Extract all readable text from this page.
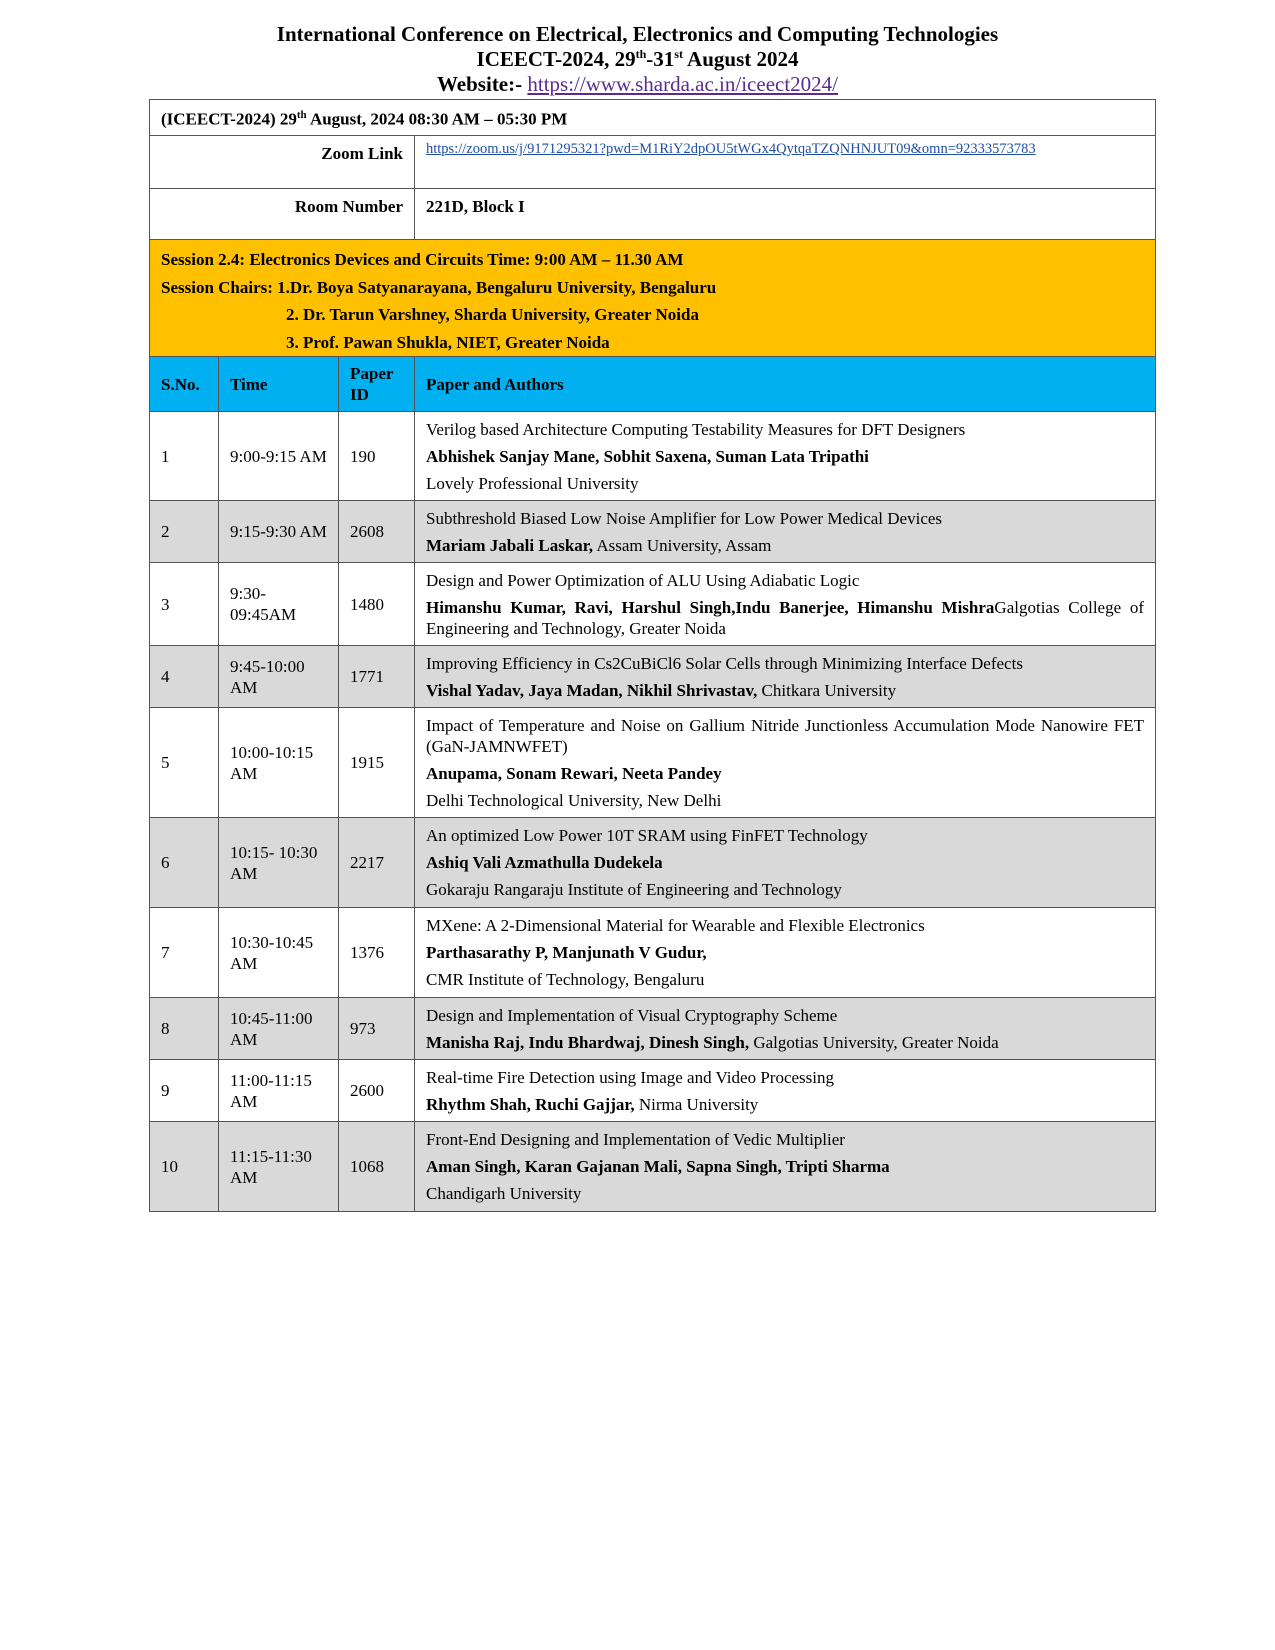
International Conference on Electrical, Electronics and Computing Technologies
ICEECT-2024, 29th-31st August 2024
Website:- https://www.sharda.ac.in/iceect2024/
(ICEECT-2024) 29th August, 2024 08:30 AM – 05:30 PM			
Zoom Link			https://zoom.us/j/9171295321?pwd=M1RiY2dpOU5tWGx4QytqaTZQNHNJUT09&omn=92333573783
Room Number			221D, Block I

Session 2.4: Electronics Devices and Circuits Time: 9:00 AM – 11.30 AM
Session Chairs: 1.Dr. Boya Satyanarayana, Bengaluru University, Bengaluru
2. Dr. Tarun Varshney, Sharda University, Greater Noida
3. Prof. Pawan Shukla, NIET, Greater Noida			

S.No.	Time	Paper ID	Paper and Authors
1	9:00-9:15 AM	190	Verilog based Architecture Computing Testability Measures for DFT Designers
Abhishek Sanjay Mane, Sobhit Saxena, Suman Lata Tripathi
Lovely Professional University

2	9:15-9:30 AM	2608	Subthreshold Biased Low Noise Amplifier for Low Power Medical Devices
Mariam Jabali Laskar, Assam University, Assam

3	9:30-09:45AM	1480	Design and Power Optimization of ALU Using Adiabatic Logic
Himanshu Kumar, Ravi, Harshul Singh,Indu Banerjee, Himanshu MishraGalgotias College of Engineering and Technology, Greater Noida

4	9:45-10:00 AM	1771	Improving Efficiency in Cs2CuBiCl6 Solar Cells through Minimizing Interface Defects
Vishal Yadav, Jaya Madan, Nikhil Shrivastav, Chitkara University

5	10:00-10:15 AM	1915	Impact of Temperature and Noise on Gallium Nitride Junctionless Accumulation Mode Nanowire FET (GaN-JAMNWFET)
Anupama, Sonam Rewari, Neeta Pandey
Delhi Technological University, New Delhi

6	10:15- 10:30 AM	2217	An optimized Low Power 10T SRAM using FinFET Technology
Ashiq Vali Azmathulla Dudekela
Gokaraju Rangaraju Institute of Engineering and Technology

7	10:30-10:45 AM	1376	MXene: A 2-Dimensional Material for Wearable and Flexible Electronics
Parthasarathy P, Manjunath V Gudur,
CMR Institute of Technology, Bengaluru

8	10:45-11:00 AM	973	Design and Implementation of Visual Cryptography Scheme
Manisha Raj, Indu Bhardwaj, Dinesh Singh, Galgotias University, Greater Noida

9	11:00-11:15 AM	2600	Real-time Fire Detection using Image and Video Processing
Rhythm Shah, Ruchi Gajjar, Nirma University

10	11:15-11:30 AM	1068	Front-End Designing and Implementation of Vedic Multiplier
Aman Singh, Karan Gajanan Mali, Sapna Singh, Tripti Sharma
Chandigarh University
